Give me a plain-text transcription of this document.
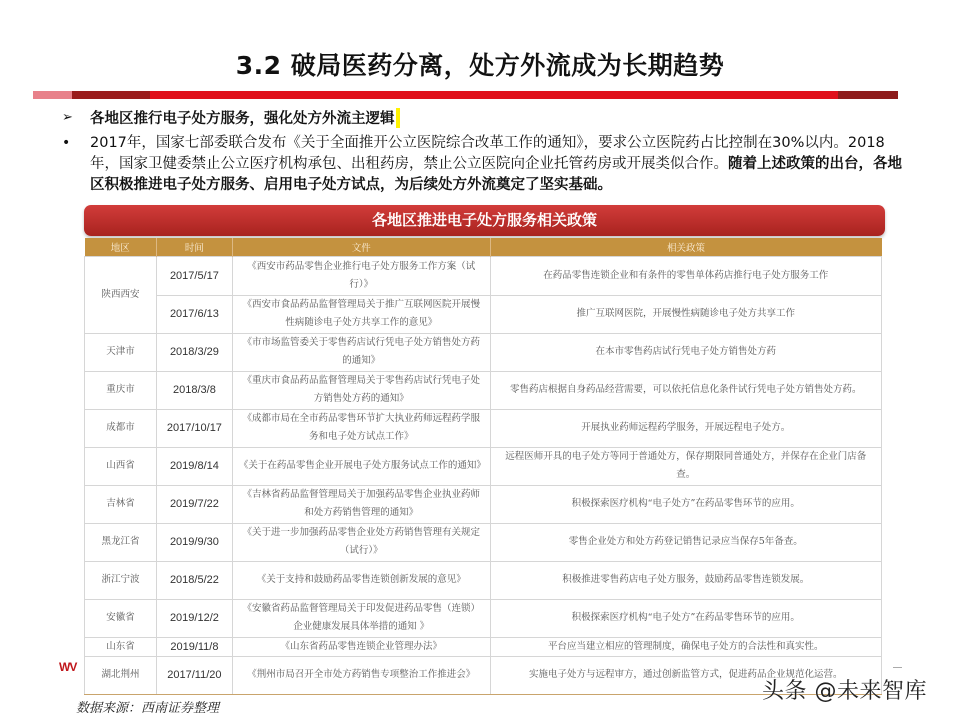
3.2 破局医药分离，处方外流成为长期趋势
➢	各地区推行电子处方服务，强化处方外流主逻辑
•	2017年，国家七部委联合发布《关于全面推开公立医院综合改革工作的通知》，要求公立医院药占比控制在30%以内。2018年，国家卫健委禁止公立医疗机构承包、出租药房，禁止公立医院向企业托管药房或开展类似合作。随着上述政策的出台，各地区积极推进电子处方服务、启用电子处方试点，为后续处方外流奠定了坚实基础。
各地区推进电子处方服务相关政策
地区	时间	文件	相关政策
陕西西安	2017/5/17	《西安市药品零售企业推行电子处方服务工作方案（试行）》	在药品零售连锁企业和有条件的零售单体药店推行电子处方服务工作
	2017/6/13	《西安市食品药品监督管理局关于推广互联网医院开展慢性病随诊电子处方共享工作的意见》	推广互联网医院，开展慢性病随诊电子处方共享工作
天津市	2018/3/29	《市市场监管委关于零售药店试行凭电子处方销售处方药的通知》	在本市零售药店试行凭电子处方销售处方药
重庆市	2018/3/8	《重庆市食品药品监督管理局关于零售药店试行凭电子处方销售处方药的通知》	零售药店根据自身药品经营需要，可以依托信息化条件试行凭电子处方销售处方药。
成都市	2017/10/17	《成都市局在全市药品零售环节扩大执业药师远程药学服务和电子处方试点工作》	开展执业药师远程药学服务，开展远程电子处方。
山西省	2019/8/14	《关于在药品零售企业开展电子处方服务试点工作的通知》	远程医师开具的电子处方等同于普通处方，保存期限同普通处方，并保存在企业门店备查。
吉林省	2019/7/22	《吉林省药品监督管理局关于加强药品零售企业执业药师和处方药销售管理的通知》	积极探索医疗机构“电子处方”在药品零售环节的应用。
黑龙江省	2019/9/30	《关于进一步加强药品零售企业处方药销售管理有关规定（试行）》	零售企业处方和处方药登记销售记录应当保存5年备查。
浙江宁波	2018/5/22	《关于支持和鼓励药品零售连锁创新发展的意见》	积极推进零售药店电子处方服务，鼓励药品零售连锁发展。
安徽省	2019/12/2	《安徽省药品监督管理局关于印发促进药品零售（连锁）企业健康发展具体举措的通知 》	积极探索医疗机构“电子处方”在药品零售环节的应用。
山东省	2019/11/8	《山东省药品零售连锁企业管理办法》	平台应当建立相应的管理制度，确保电子处方的合法性和真实性。
湖北荆州	2017/11/20	《荆州市局召开全市处方药销售专项整治工作推进会》	实施电子处方与远程审方，通过创新监管方式，促进药品企业规范化运营。
WV
数据来源：西南证券整理
头条 @未来智库
